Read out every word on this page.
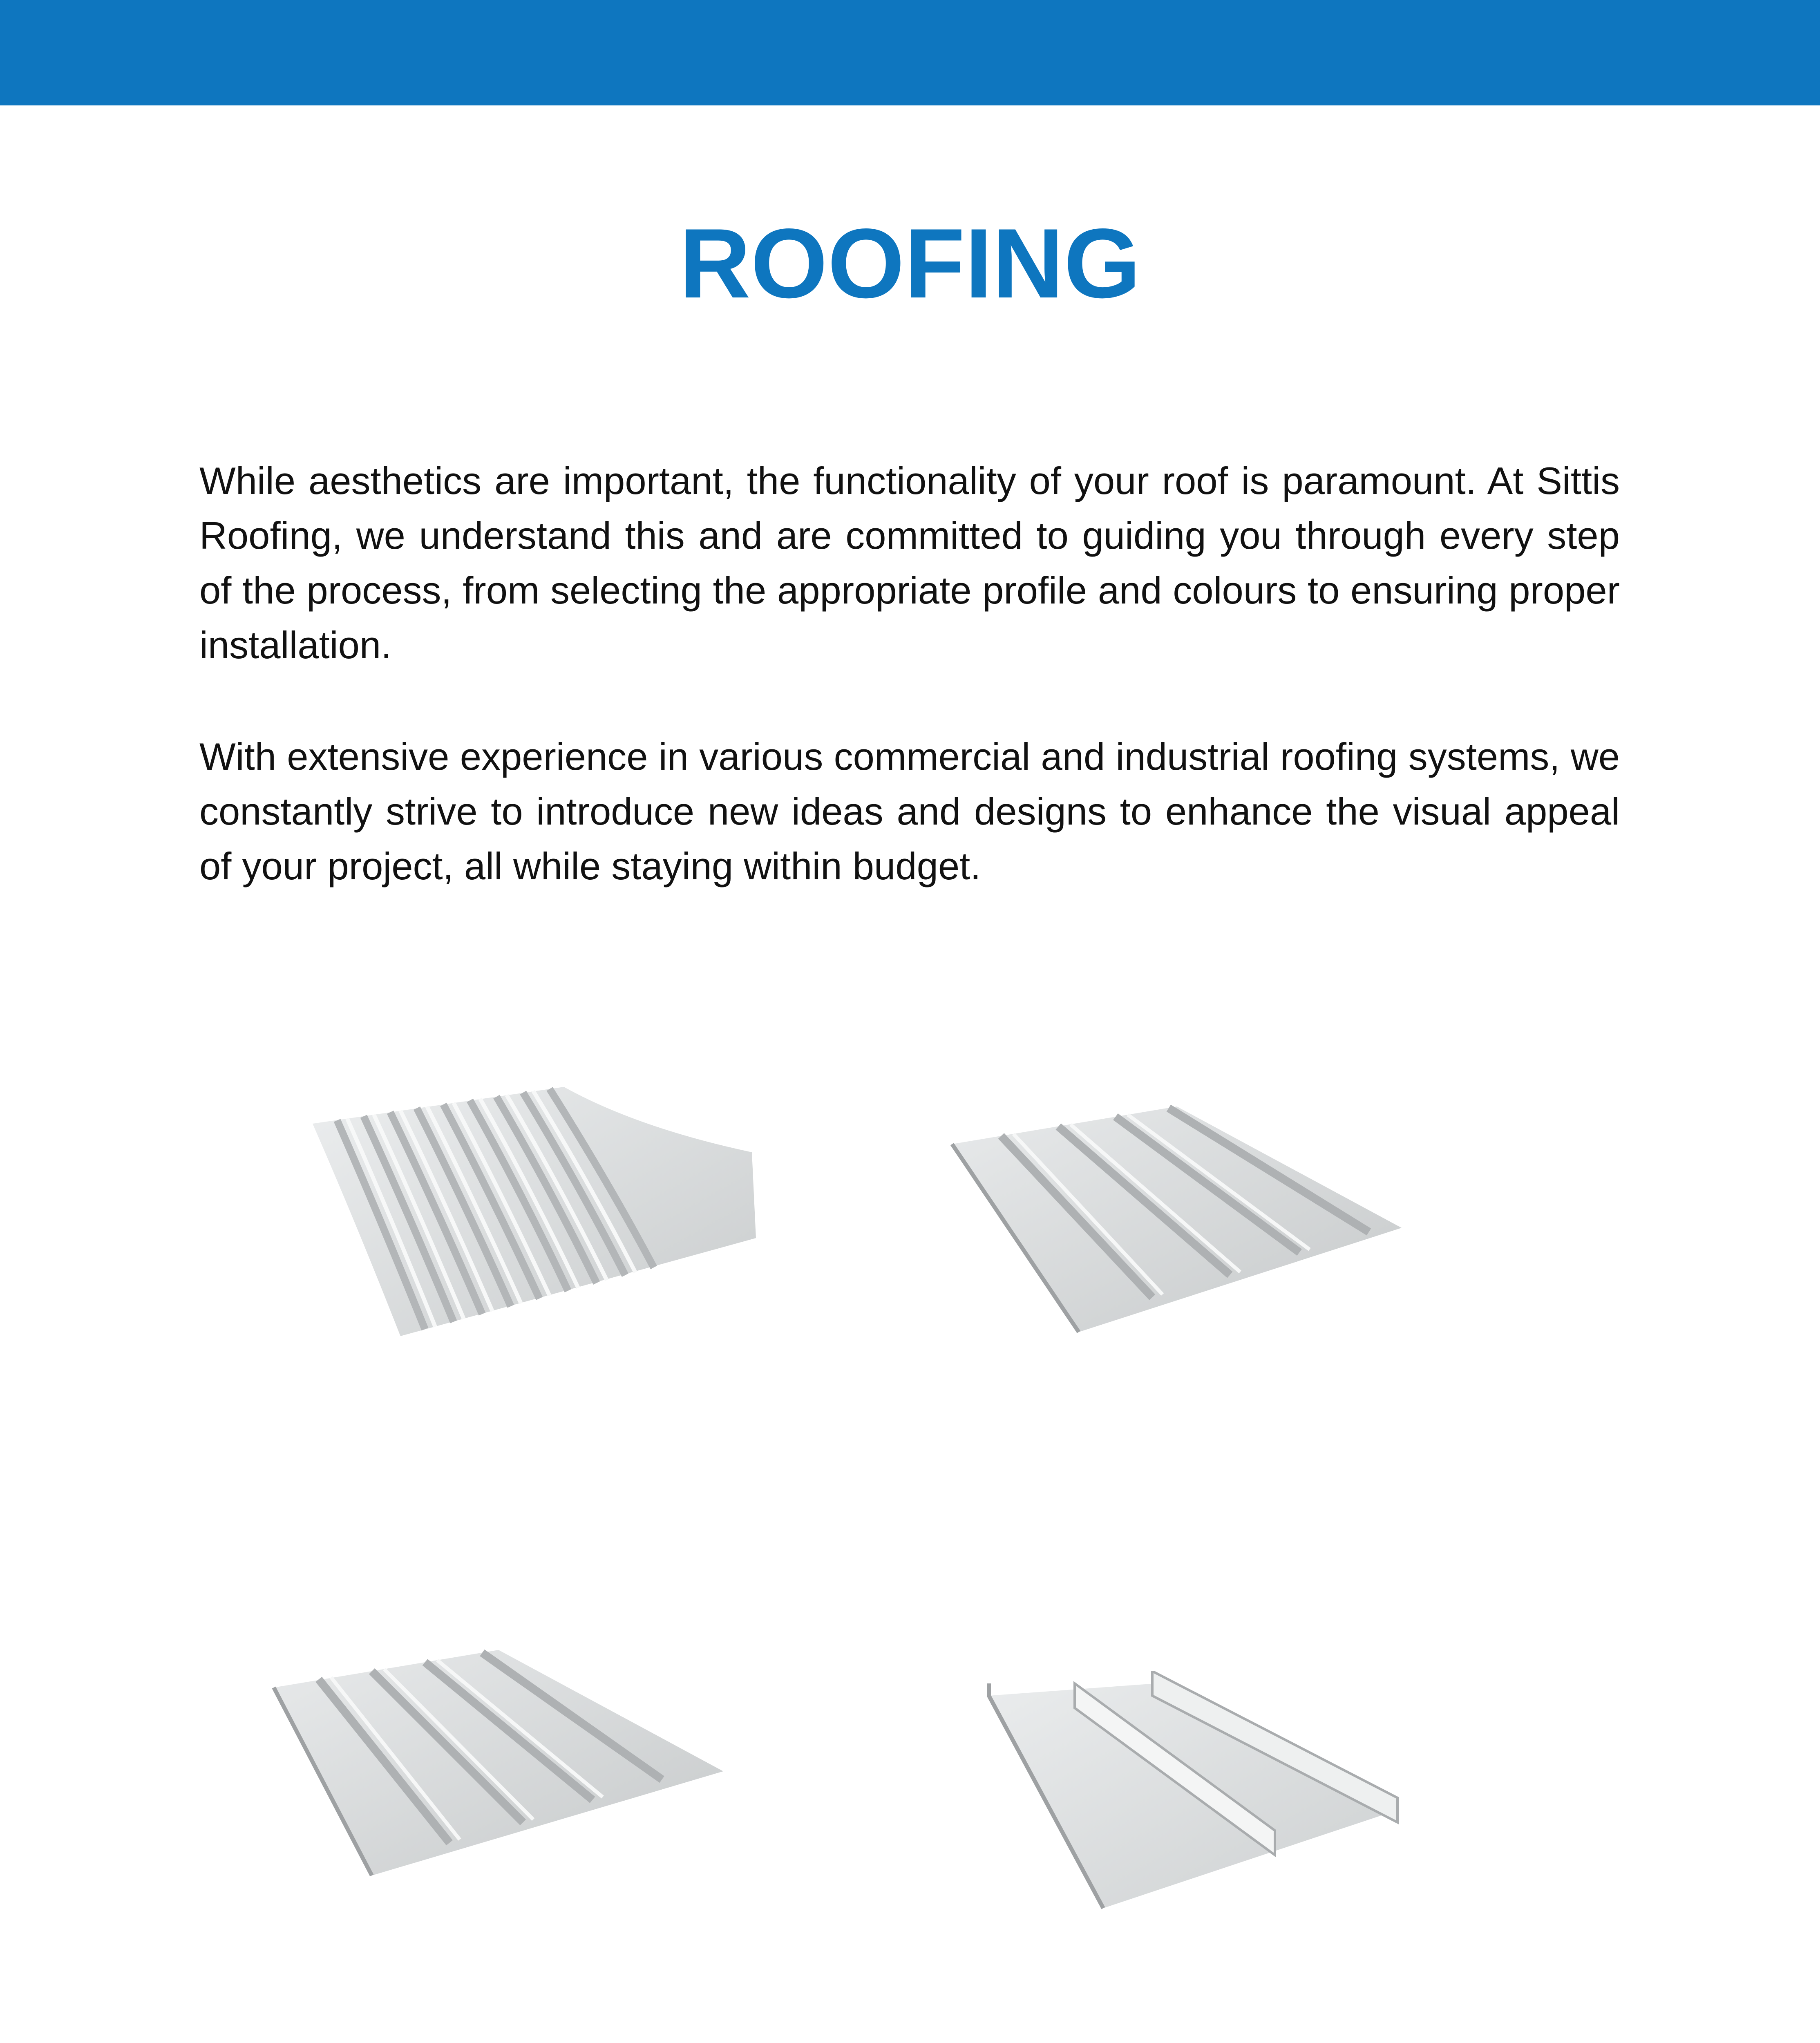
ROOFING

While aesthetics are important, the functionality of your roof is paramount. At Sittis Roofing, we understand this and are committed to guiding you through every step of the process, from selecting the appropriate profile and colours to ensuring proper installation.

With extensive experience in various commercial and industrial roofing systems, we constantly strive to introduce new ideas and designs to enhance the visual appeal of your project, all while staying within budget.
